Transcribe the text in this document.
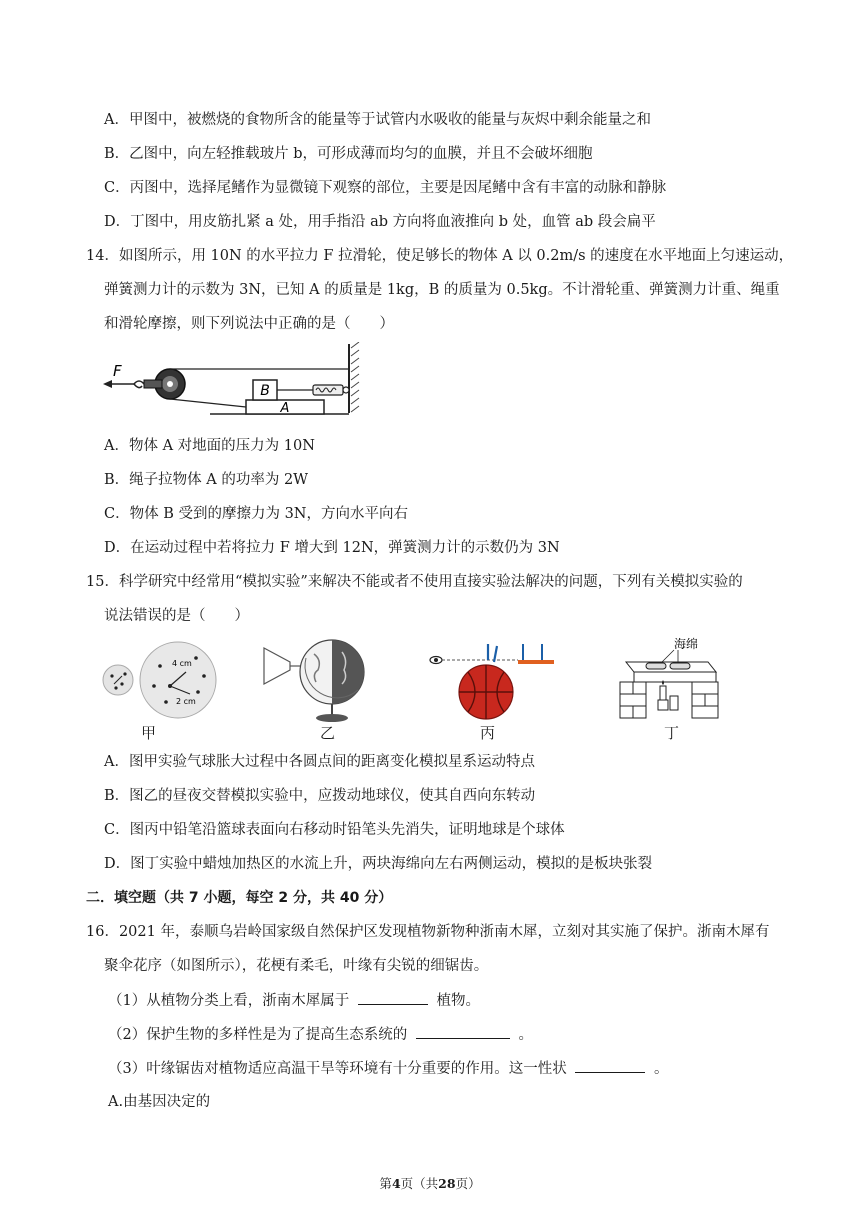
A．甲图中，被燃烧的食物所含的能量等于试管内水吸收的能量与灰烬中剩余能量之和
B．乙图中，向左轻推载玻片 b，可形成薄而均匀的血膜，并且不会破坏细胞
C．丙图中，选择尾鳍作为显微镜下观察的部位，主要是因尾鳍中含有丰富的动脉和静脉
D．丁图中，用皮筋扎紧 a 处，用手指沿 ab 方向将血液推向 b 处，血管 ab 段会扁平
14．如图所示，用 10N 的水平拉力 F 拉滑轮，使足够长的物体 A 以 0.2m/s 的速度在水平地面上匀速运动，
弹簧测力计的示数为 3N，已知 A 的质量是 1kg，B 的质量为 0.5kg。不计滑轮重、弹簧测力计重、绳重
和滑轮摩擦，则下列说法中正确的是（　　）
A
B
F
A．物体 A 对地面的压力为 10N
B．绳子拉物体 A 的功率为 2W
C．物体 B 受到的摩擦力为 3N，方向水平向右
D．在运动过程中若将拉力 F 增大到 12N，弹簧测力计的示数仍为 3N
15．科学研究中经常用“模拟实验”来解决不能或者不使用直接实验法解决的问题，下列有关模拟实验的
说法错误的是（　　）
4 cm
2 cm
甲	乙	丙
海绵
丁
A．图甲实验气球胀大过程中各圆点间的距离变化模拟星系运动特点
B．图乙的昼夜交替模拟实验中，应拨动地球仪，使其自西向东转动
C．图丙中铅笔沿篮球表面向右移动时铅笔头先消失，证明地球是个球体
D．图丁实验中蜡烛加热区的水流上升，两块海绵向左右两侧运动，模拟的是板块张裂
二．填空题（共 7 小题，每空 2 分，共 40 分）
16．2021 年，泰顺乌岩岭国家级自然保护区发现植物新物种浙南木犀，立刻对其实施了保护。浙南木犀有
聚伞花序（如图所示），花梗有柔毛，叶缘有尖锐的细锯齿。
（1）从植物分类上看，浙南木犀属于	植物。
（2）保护生物的多样性是为了提高生态系统的	。
（3）叶缘锯齿对植物适应高温干旱等环境有十分重要的作用。这一性状	。
A.由基因决定的
第4页（共28页）
